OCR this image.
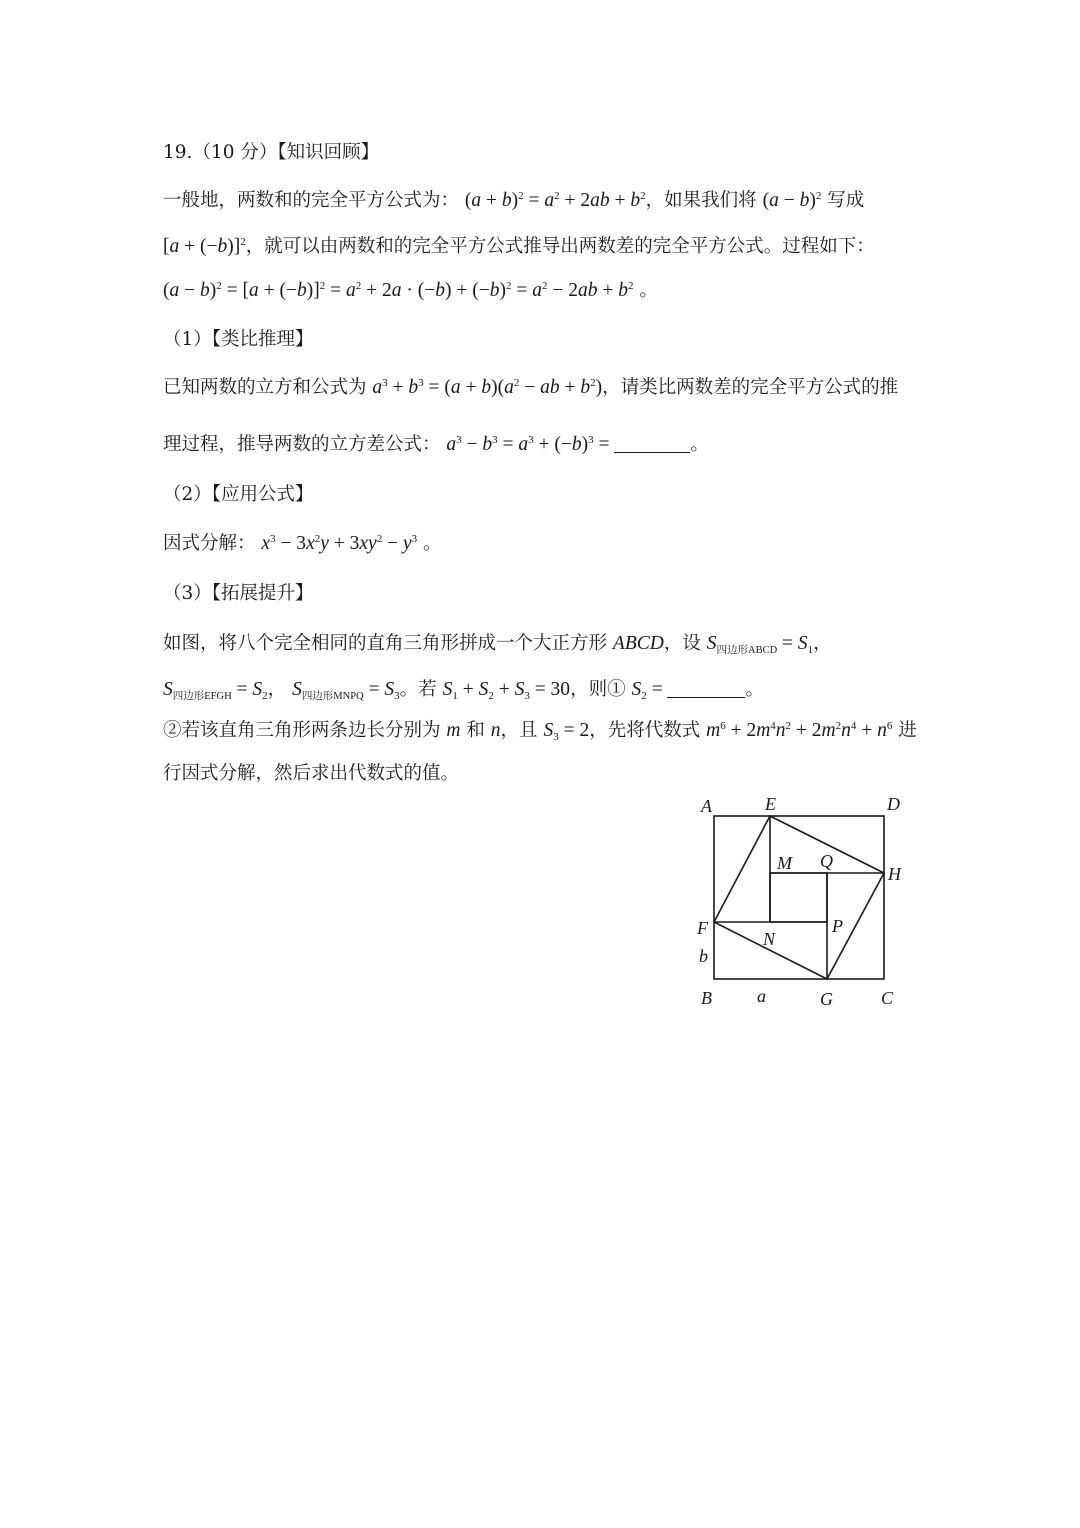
19.（10 分）【知识回顾】
一般地，两数和的完全平方公式为： $(a + b)^2 = a^2 + 2ab + b^2$，如果我们将 $(a - b)^2$ 写成
$[a + (-b)]^2$，就可以由两数和的完全平方公式推导出两数差的完全平方公式。过程如下：
$(a - b)^2 = [a + (-b)]^2 = a^2 + 2a \cdot (-b) + (-b)^2 = a^2 - 2ab + b^2$ 。
（1）【类比推理】
已知两数的立方和公式为 $a^3 + b^3 = (a + b)(a^2$ − ab + $b^2$)，请类比两数差的完全平方公式的推
理过程，推导两数的立方差公式： $a^3 - b^3 = a^3 + (-b)^3$ =	。
（2）【应用公式】
因式分解： $x^3 - 3x^2y + 3xy^2 - y^3$ 。
（3）【拓展提升】
如图，将八个完全相同的直角三角形拼成一个大正方形 ABCD，设 $S_{四边形ABCD} = S_1$，
$S_{四边形EFGH} = S_2$， $S_{四边形MNPQ} = S_3$。若 $S_1 + S_2 + S_3 = 30$，则① $S_2$ =	。
②若该直角三角形两条边长分别为 m 和 n，且 $S_3 = 2$，先将代数式 $m^6 + 2m^4n^2 + 2m^2n^4 + n^6$ 进
行因式分解，然后求出代数式的值。
A	E	D
M Q
H
P
F
N
b
B	a	G	C
